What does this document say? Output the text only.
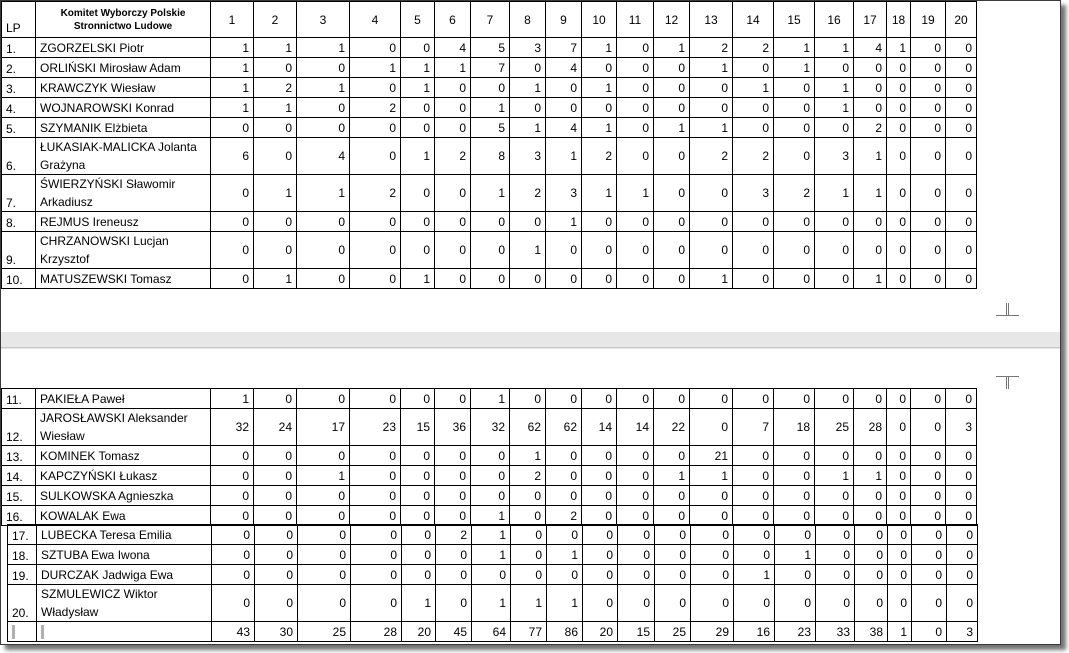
LP	Komitet Wyborczy Polskie Stronnictwo Ludowe	1	2	3	4	5	6	7	8	9	10	11	12	13	14	15	16	17	18	19	20	
1.	ZGORZELSKI Piotr	1	1	1	0	0	4	5	3	7	1	0	1	2	2	1	1	4	1	0	0	
2.	ORLIŃSKI Mirosław Adam	1	0	0	1	1	1	7	0	4	0	0	0	1	0	1	0	0	0	0	0	
3.	KRAWCZYK Wiesław	1	2	1	0	1	0	0	1	0	1	0	0	0	1	0	1	0	0	0	0	
4.	WOJNAROWSKI Konrad	1	1	0	2	0	0	1	0	0	0	0	0	0	0	0	1	0	0	0	0	
5.	SZYMANIK Elżbieta	0	0	0	0	0	0	5	1	4	1	0	1	1	0	0	0	2	0	0	0	
6.	ŁUKASIAK-MALICKA Jolanta Grażyna	6	0	4	0	1	2	8	3	1	2	0	0	2	2	0	3	1	0	0	0	
7.	ŚWIERZYŃSKI Sławomir Arkadiusz	0	1	1	2	0	0	1	2	3	1	1	0	0	3	2	1	1	0	0	0	
8.	REJMUS Ireneusz	0	0	0	0	0	0	0	0	1	0	0	0	0	0	0	0	0	0	0	0	
9.	CHRZANOWSKI Lucjan Krzysztof	0	0	0	0	0	0	0	1	0	0	0	0	0	0	0	0	0	0	0	0	
10.	MATUSZEWSKI Tomasz	0	1	0	0	1	0	0	0	0	0	0	0	1	0	0	0	1	0	0	0	
11.	PAKIEŁA Paweł	1	0	0	0	0	0	1	0	0	0	0	0	0	0	0	0	0	0	0	0	
12.	JAROSŁAWSKI Aleksander Wiesław	32	24	17	23	15	36	32	62	62	14	14	22	0	7	18	25	28	0	0	3	
13.	KOMINEK Tomasz	0	0	0	0	0	0	0	1	0	0	0	0	21	0	0	0	0	0	0	0	
14.	KAPCZYŃSKI Łukasz	0	0	1	0	0	0	0	2	0	0	0	1	1	0	0	1	1	0	0	0	
15.	SULKOWSKA Agnieszka	0	0	0	0	0	0	0	0	0	0	0	0	0	0	0	0	0	0	0	0	
16.	KOWALAK Ewa	0	0	0	0	0	0	1	0	2	0	0	0	0	0	0	0	0	0	0	0	
17.	LUBECKA Teresa Emilia	0	0	0	0	0	2	1	0	0	0	0	0	0	0	0	0	0	0	0	0	
18.	SZTUBA Ewa Iwona	0	0	0	0	0	0	1	0	1	0	0	0	0	0	1	0	0	0	0	0	
19.	DURCZAK Jadwiga Ewa	0	0	0	0	0	0	0	0	0	0	0	0	0	1	0	0	0	0	0	0	
20.	SZMULEWICZ Wiktor Władysław	0	0	0	0	1	0	1	1	1	0	0	0	0	0	0	0	0	0	0	0	
		43	30	25	28	20	45	64	77	86	20	15	25	29	16	23	33	38	1	0	3	
